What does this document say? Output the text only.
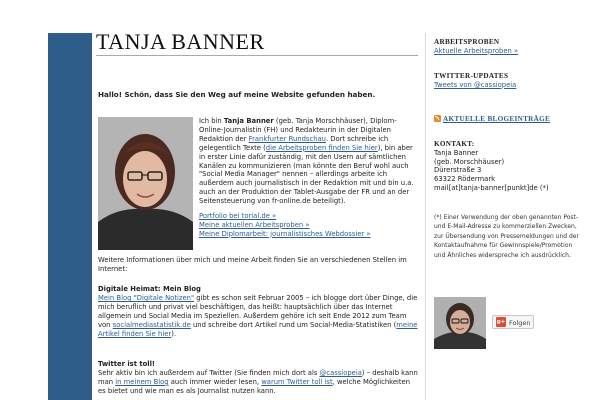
TANJA BANNER
Hallo! Schön, dass Sie den Weg auf meine Website gefunden haben.

Ich bin Tanja Banner (geb. Tanja Morschhäuser), Diplom-Online-Journalistin (FH) und Redakteurin in der Digitalen Redaktion der Frankfurter Rundschau. Dort schreibe ich gelegentlich Texte (die Arbeitsproben finden Sie hier), bin aber in erster Linie dafür zuständig, mit den Usern auf sämtlichen Kanälen zu kommunizieren (man könnte den Beruf wohl auch "Social Media Manager" nennen – allerdings arbeite ich außerdem auch journalistisch in der Redaktion mit und bin u.a. auch an der Produktion der Tablet-Ausgabe der FR und an der Seitensteuerung von fr-online.de beteiligt).

Portfolio bei torial.de »
Meine aktuellen Arbeitsproben »
Meine Diplomarbeit: journalistisches Webdossier »
Weitere Informationen über mich und meine Arbeit finden Sie an verschiedenen Stellen im Internet:
Digitale Heimat: Mein Blog
Mein Blog "Digitale Notizen" gibt es schon seit Februar 2005 – ich blogge dort über Dinge, die mich beruflich und privat viel beschäftigen, das heißt: hauptsächlich über das Internet allgemein und Social Media im Speziellen. Außerdem gehöre ich seit Ende 2012 zum Team von socialmediastatistik.de und schreibe dort Artikel rund um Social-Media-Statistiken (meine Artikel finden Sie hier).
Twitter ist toll!
Sehr aktiv bin ich außerdem auf Twitter (Sie finden mich dort als @cassiopeia) – deshalb kann man in meinem Blog auch immer wieder lesen, warum Twitter toll ist, welche Möglichkeiten es bietet und wie man es als Journalist nutzen kann.
ARBEITSPROBEN
Aktuelle Arbeitsproben »
TWITTER-UPDATES
Tweets von @cassiopeia
AKTUELLE BLOGEINTRÄGE
KONTAKT:
Tanja Banner
(geb. Morschhäuser)
Dürerstraße 3
63322 Rödermark
mail[at]tanja-banner[punkt]de (*)
(*) Einer Verwendung der oben genannten Post- und E-Mail-Adresse zu kommerziellen Zwecken, zur Übersendung von Pressemeldungen und der Kontaktaufnahme für Gewinnspiele/Promotion und Ähnliches widerspreche ich ausdrücklich.
g+ Folgen
